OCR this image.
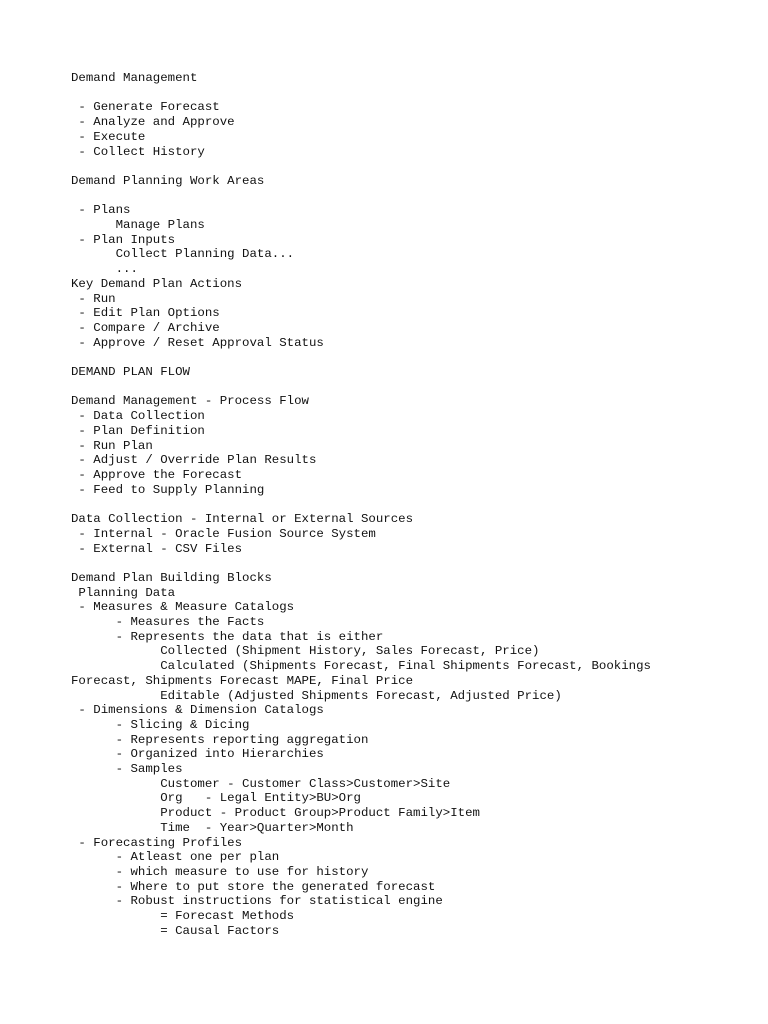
Demand Management

- Generate Forecast
- Analyze and Approve
- Execute
- Collect History

Demand Planning Work Areas

- Plans
Manage Plans
- Plan Inputs
Collect Planning Data...
...
Key Demand Plan Actions
- Run
- Edit Plan Options
- Compare / Archive
- Approve / Reset Approval Status

DEMAND PLAN FLOW

Demand Management - Process Flow
- Data Collection
- Plan Definition
- Run Plan
- Adjust / Override Plan Results
- Approve the Forecast
- Feed to Supply Planning

Data Collection - Internal or External Sources
- Internal - Oracle Fusion Source System
- External - CSV Files

Demand Plan Building Blocks
Planning Data
- Measures & Measure Catalogs
- Measures the Facts
- Represents the data that is either
Collected (Shipment History, Sales Forecast, Price)
Calculated (Shipments Forecast, Final Shipments Forecast, Bookings
Forecast, Shipments Forecast MAPE, Final Price
Editable (Adjusted Shipments Forecast, Adjusted Price)
- Dimensions & Dimension Catalogs
- Slicing & Dicing
- Represents reporting aggregation
- Organized into Hierarchies
- Samples
Customer - Customer Class>Customer>Site
Org   - Legal Entity>BU>Org
Product - Product Group>Product Family>Item
Time  - Year>Quarter>Month
- Forecasting Profiles
- Atleast one per plan
- which measure to use for history
- Where to put store the generated forecast
- Robust instructions for statistical engine
= Forecast Methods
= Causal Factors
